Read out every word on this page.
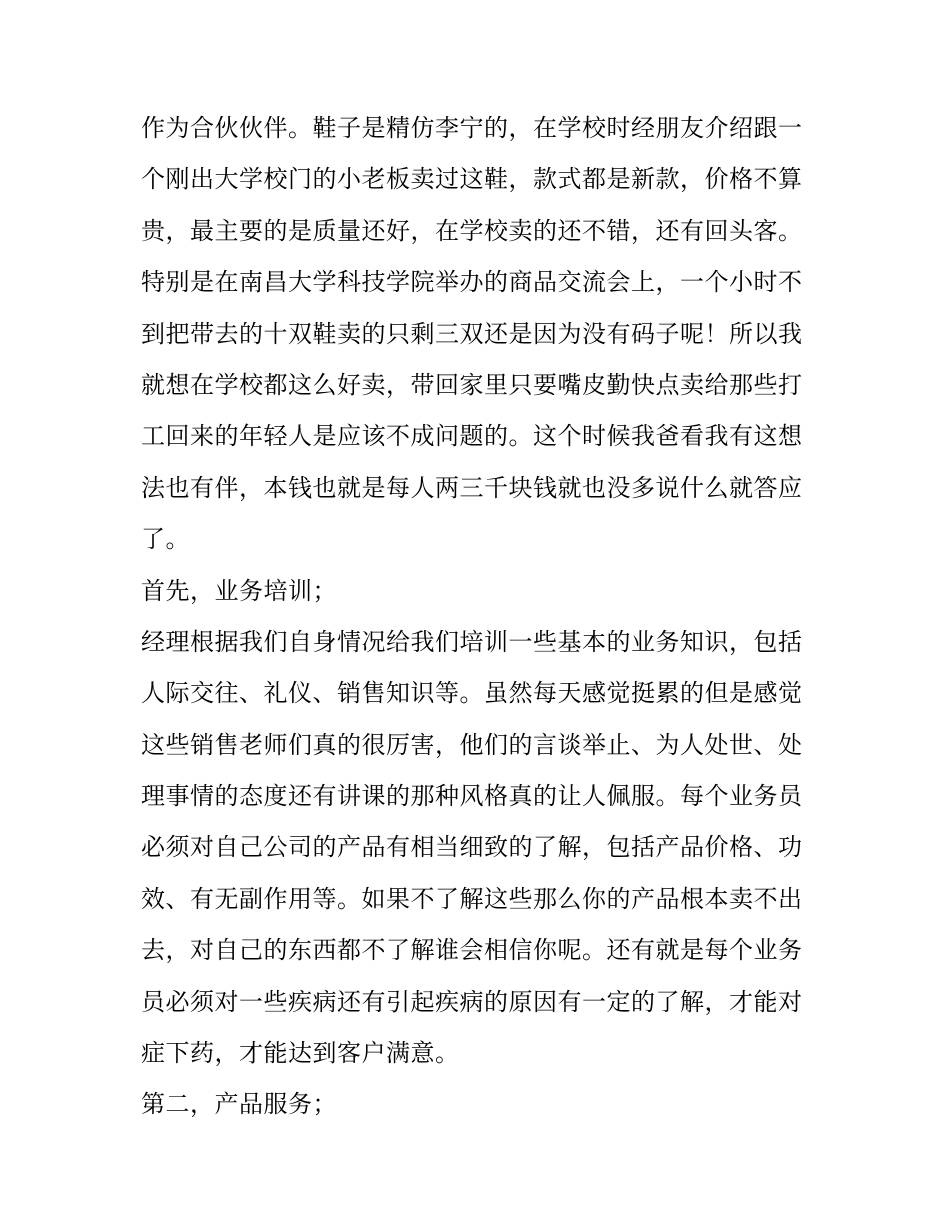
作为合伙伙伴。鞋子是精仿李宁的，在学校时经朋友介绍跟一
个刚出大学校门的小老板卖过这鞋，款式都是新款，价格不算
贵，最主要的是质量还好，在学校卖的还不错，还有回头客。
特别是在南昌大学科技学院举办的商品交流会上，一个小时不
到把带去的十双鞋卖的只剩三双还是因为没有码子呢！所以我
就想在学校都这么好卖，带回家里只要嘴皮勤快点卖给那些打
工回来的年轻人是应该不成问题的。这个时候我爸看我有这想
法也有伴，本钱也就是每人两三千块钱就也没多说什么就答应
了。
首先，业务培训；
经理根据我们自身情况给我们培训一些基本的业务知识，包括
人际交往、礼仪、销售知识等。虽然每天感觉挺累的但是感觉
这些销售老师们真的很厉害，他们的言谈举止、为人处世、处
理事情的态度还有讲课的那种风格真的让人佩服。每个业务员
必须对自己公司的产品有相当细致的了解，包括产品价格、功
效、有无副作用等。如果不了解这些那么你的产品根本卖不出
去，对自己的东西都不了解谁会相信你呢。还有就是每个业务
员必须对一些疾病还有引起疾病的原因有一定的了解，才能对
症下药，才能达到客户满意。
第二，产品服务；
